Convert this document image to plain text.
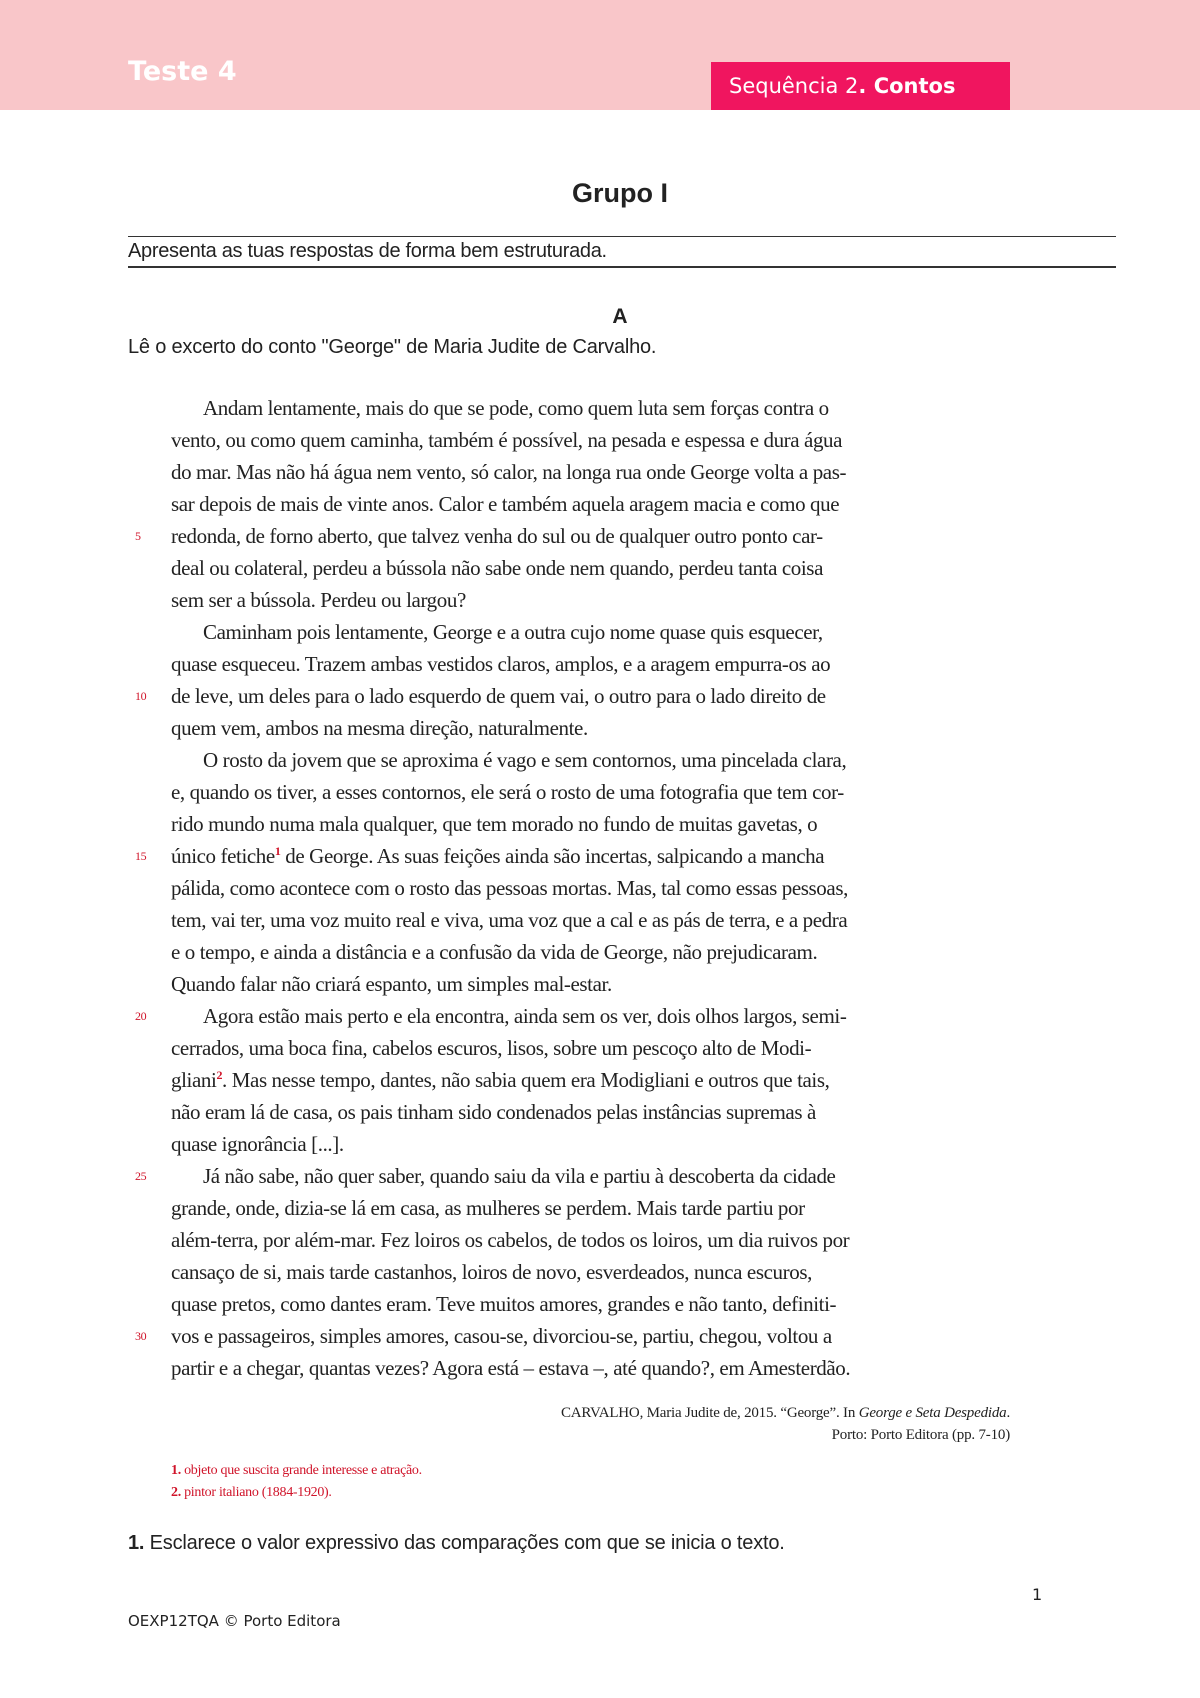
Teste 4	Sequência 2. Contos
Grupo I
Apresenta as tuas respostas de forma bem estruturada.
A
Lê o excerto do conto "George" de Maria Judite de Carvalho.
Andam lentamente, mais do que se pode, como quem luta sem forças contra o
vento, ou como quem caminha, também é possível, na pesada e espessa e dura água
do mar. Mas não há água nem vento, só calor, na longa rua onde George volta a pas-
sar depois de mais de vinte anos. Calor e também aquela aragem macia e como que
5 redonda, de forno aberto, que talvez venha do sul ou de qualquer outro ponto car-
deal ou colateral, perdeu a bússola não sabe onde nem quando, perdeu tanta coisa
sem ser a bússola. Perdeu ou largou?
Caminham pois lentamente, George e a outra cujo nome quase quis esquecer,
quase esqueceu. Trazem ambas vestidos claros, amplos, e a aragem empurra-os ao
10 de leve, um deles para o lado esquerdo de quem vai, o outro para o lado direito de
quem vem, ambos na mesma direção, naturalmente.
O rosto da jovem que se aproxima é vago e sem contornos, uma pincelada clara,
e, quando os tiver, a esses contornos, ele será o rosto de uma fotografia que tem cor-
rido mundo numa mala qualquer, que tem morado no fundo de muitas gavetas, o
15 único fetiche$^1$ de George. As suas feições ainda são incertas, salpicando a mancha
pálida, como acontece com o rosto das pessoas mortas. Mas, tal como essas pessoas,
tem, vai ter, uma voz muito real e viva, uma voz que a cal e as pás de terra, e a pedra
e o tempo, e ainda a distância e a confusão da vida de George, não prejudicaram.
Quando falar não criará espanto, um simples mal-estar.
20	Agora estão mais perto e ela encontra, ainda sem os ver, dois olhos largos, semi-
cerrados, uma boca fina, cabelos escuros, lisos, sobre um pescoço alto de Modi-
gliani$^2$. Mas nesse tempo, dantes, não sabia quem era Modigliani e outros que tais,
não eram lá de casa, os pais tinham sido condenados pelas instâncias supremas à
quase ignorância [...].
25	Já não sabe, não quer saber, quando saiu da vila e partiu à descoberta da cidade
grande, onde, dizia-se lá em casa, as mulheres se perdem. Mais tarde partiu por
além-terra, por além-mar. Fez loiros os cabelos, de todos os loiros, um dia ruivos por
cansaço de si, mais tarde castanhos, loiros de novo, esverdeados, nunca escuros,
quase pretos, como dantes eram. Teve muitos amores, grandes e não tanto, definiti-
30 vos e passageiros, simples amores, casou-se, divorciou-se, partiu, chegou, voltou a
partir e a chegar, quantas vezes? Agora está – estava –, até quando?, em Amesterdão.
CARVALHO, Maria Judite de, 2015. “George”. In George e Seta Despedida.
Porto: Porto Editora (pp. 7-10)
1. objeto que suscita grande interesse e atração.
2. pintor italiano (1884-1920).
1. Esclarece o valor expressivo das comparações com que se inicia o texto.
1
OEXP12TQA © Porto Editora
